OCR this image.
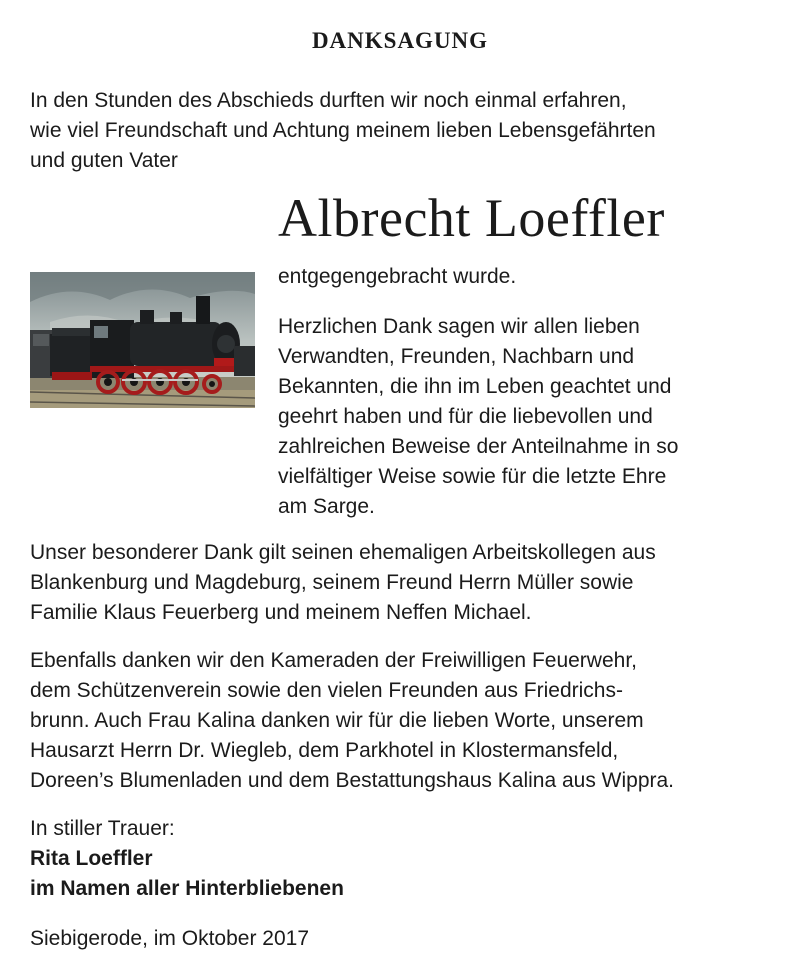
DANKSAGUNG
In den Stunden des Abschieds durften wir noch einmal erfahren,
wie viel Freundschaft und Achtung meinem lieben Lebensgefährten
und guten Vater
Albrecht Loeffler
entgegengebracht wurde.
Herzlichen Dank sagen wir allen lieben
Verwandten, Freunden, Nachbarn und
Bekannten, die ihn im Leben geachtet und
geehrt haben und für die liebevollen und
zahlreichen Beweise der Anteilnahme in so
vielfältiger Weise sowie für die letzte Ehre
am Sarge.
Unser besonderer Dank gilt seinen ehemaligen Arbeitskollegen aus
Blankenburg und Magdeburg, seinem Freund Herrn Müller sowie
Familie Klaus Feuerberg und meinem Neffen Michael.
Ebenfalls danken wir den Kameraden der Freiwilligen Feuerwehr,
dem Schützenverein sowie den vielen Freunden aus Friedrichs-
brunn. Auch Frau Kalina danken wir für die lieben Worte, unserem
Hausarzt Herrn Dr. Wiegleb, dem Parkhotel in Klostermansfeld,
Doreen’s Blumenladen und dem Bestattungshaus Kalina aus Wippra.
In stiller Trauer:
Rita Loeffler
im Namen aller Hinterbliebenen
Siebigerode, im Oktober 2017
